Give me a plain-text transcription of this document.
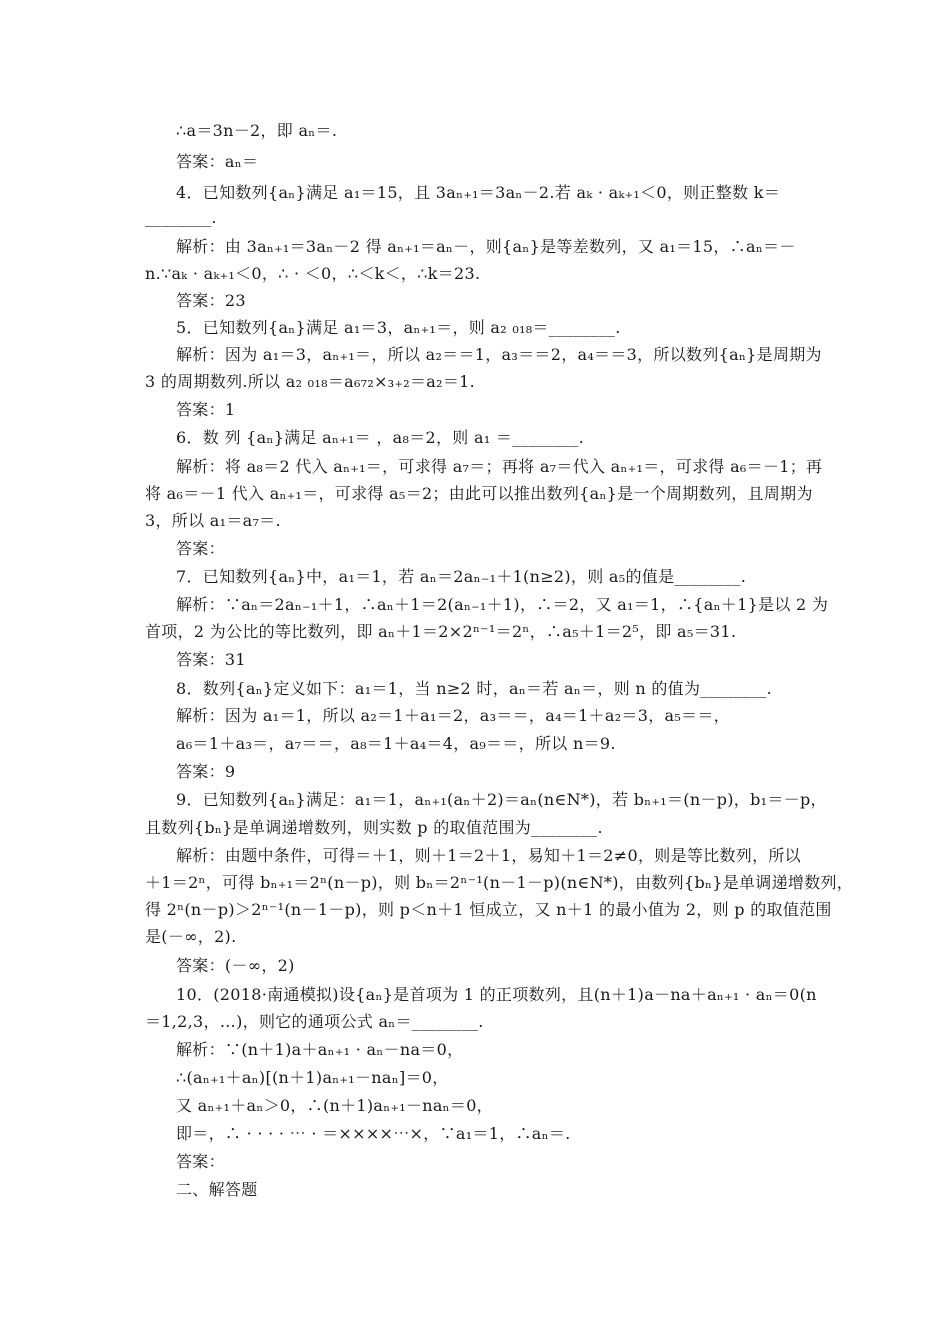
∴a＝3n－2，即 aₙ＝.
答案：aₙ＝
4．已知数列{aₙ}满足 a₁＝15，且 3aₙ₊₁＝3aₙ－2.若 aₖ · aₖ₊₁＜0，则正整数 k＝
________.
解析：由 3aₙ₊₁＝3aₙ－2 得 aₙ₊₁＝aₙ－，则{aₙ}是等差数列，又 a₁＝15，∴aₙ＝－
n.∵aₖ · aₖ₊₁＜0，∴ · ＜0，∴＜k＜，∴k＝23.
答案：23
5．已知数列{aₙ}满足 a₁＝3，aₙ₊₁＝，则 a₂ ₀₁₈＝________.
解析：因为 a₁＝3，aₙ₊₁＝，所以 a₂＝＝1，a₃＝＝2，a₄＝＝3，所以数列{aₙ}是周期为
3 的周期数列.所以 a₂ ₀₁₈＝a₆₇₂×₃₊₂＝a₂＝1.
答案：1
6．数 列 {aₙ}满足 aₙ₊₁＝ ，a₈＝2，则 a₁ ＝________.
解析：将 a₈＝2 代入 aₙ₊₁＝，可求得 a₇＝；再将 a₇＝代入 aₙ₊₁＝，可求得 a₆＝－1；再
将 a₆＝－1 代入 aₙ₊₁＝，可求得 a₅＝2；由此可以推出数列{aₙ}是一个周期数列，且周期为
3，所以 a₁＝a₇＝.
答案：
7．已知数列{aₙ}中，a₁＝1，若 aₙ＝2aₙ₋₁＋1(n≥2)，则 a₅的值是________.
解析：∵aₙ＝2aₙ₋₁＋1，∴aₙ＋1＝2(aₙ₋₁＋1)，∴＝2，又 a₁＝1，∴{aₙ＋1}是以 2 为
首项，2 为公比的等比数列，即 aₙ＋1＝2×2ⁿ⁻¹＝2ⁿ，∴a₅＋1＝2⁵，即 a₅＝31.
答案：31
8．数列{aₙ}定义如下：a₁＝1，当 n≥2 时，aₙ＝若 aₙ＝，则 n 的值为________.
解析：因为 a₁＝1，所以 a₂＝1＋a₁＝2，a₃＝＝，a₄＝1＋a₂＝3，a₅＝＝，
a₆＝1＋a₃＝，a₇＝＝，a₈＝1＋a₄＝4，a₉＝＝，所以 n＝9.
答案：9
9．已知数列{aₙ}满足：a₁＝1，aₙ₊₁(aₙ＋2)＝aₙ(n∈N*)，若 bₙ₊₁＝(n－p)，b₁＝－p，
且数列{bₙ}是单调递增数列，则实数 p 的取值范围为________.
解析：由题中条件，可得＝＋1，则＋1＝2＋1，易知＋1＝2≠0，则是等比数列，所以
＋1＝2ⁿ，可得 bₙ₊₁＝2ⁿ(n－p)，则 bₙ＝2ⁿ⁻¹(n－1－p)(n∈N*)，由数列{bₙ}是单调递增数列，
得 2ⁿ(n－p)＞2ⁿ⁻¹(n－1－p)，则 p＜n＋1 恒成立，又 n＋1 的最小值为 2，则 p 的取值范围
是(－∞，2).
答案：(－∞，2)
10．(2018·南通模拟)设{aₙ}是首项为 1 的正项数列，且(n＋1)a－na＋aₙ₊₁ · aₙ＝0(n
＝1,2,3，…)，则它的通项公式 aₙ＝________.
解析：∵(n＋1)a＋aₙ₊₁ · aₙ－na＝0，
∴(aₙ₊₁＋aₙ)[(n＋1)aₙ₊₁－naₙ]＝0，
又 aₙ₊₁＋aₙ＞0，∴(n＋1)aₙ₊₁－naₙ＝0，
即＝，∴ · · · · ⋯ · ＝××××⋯×，∵a₁＝1，∴aₙ＝.
答案：
二、解答题
